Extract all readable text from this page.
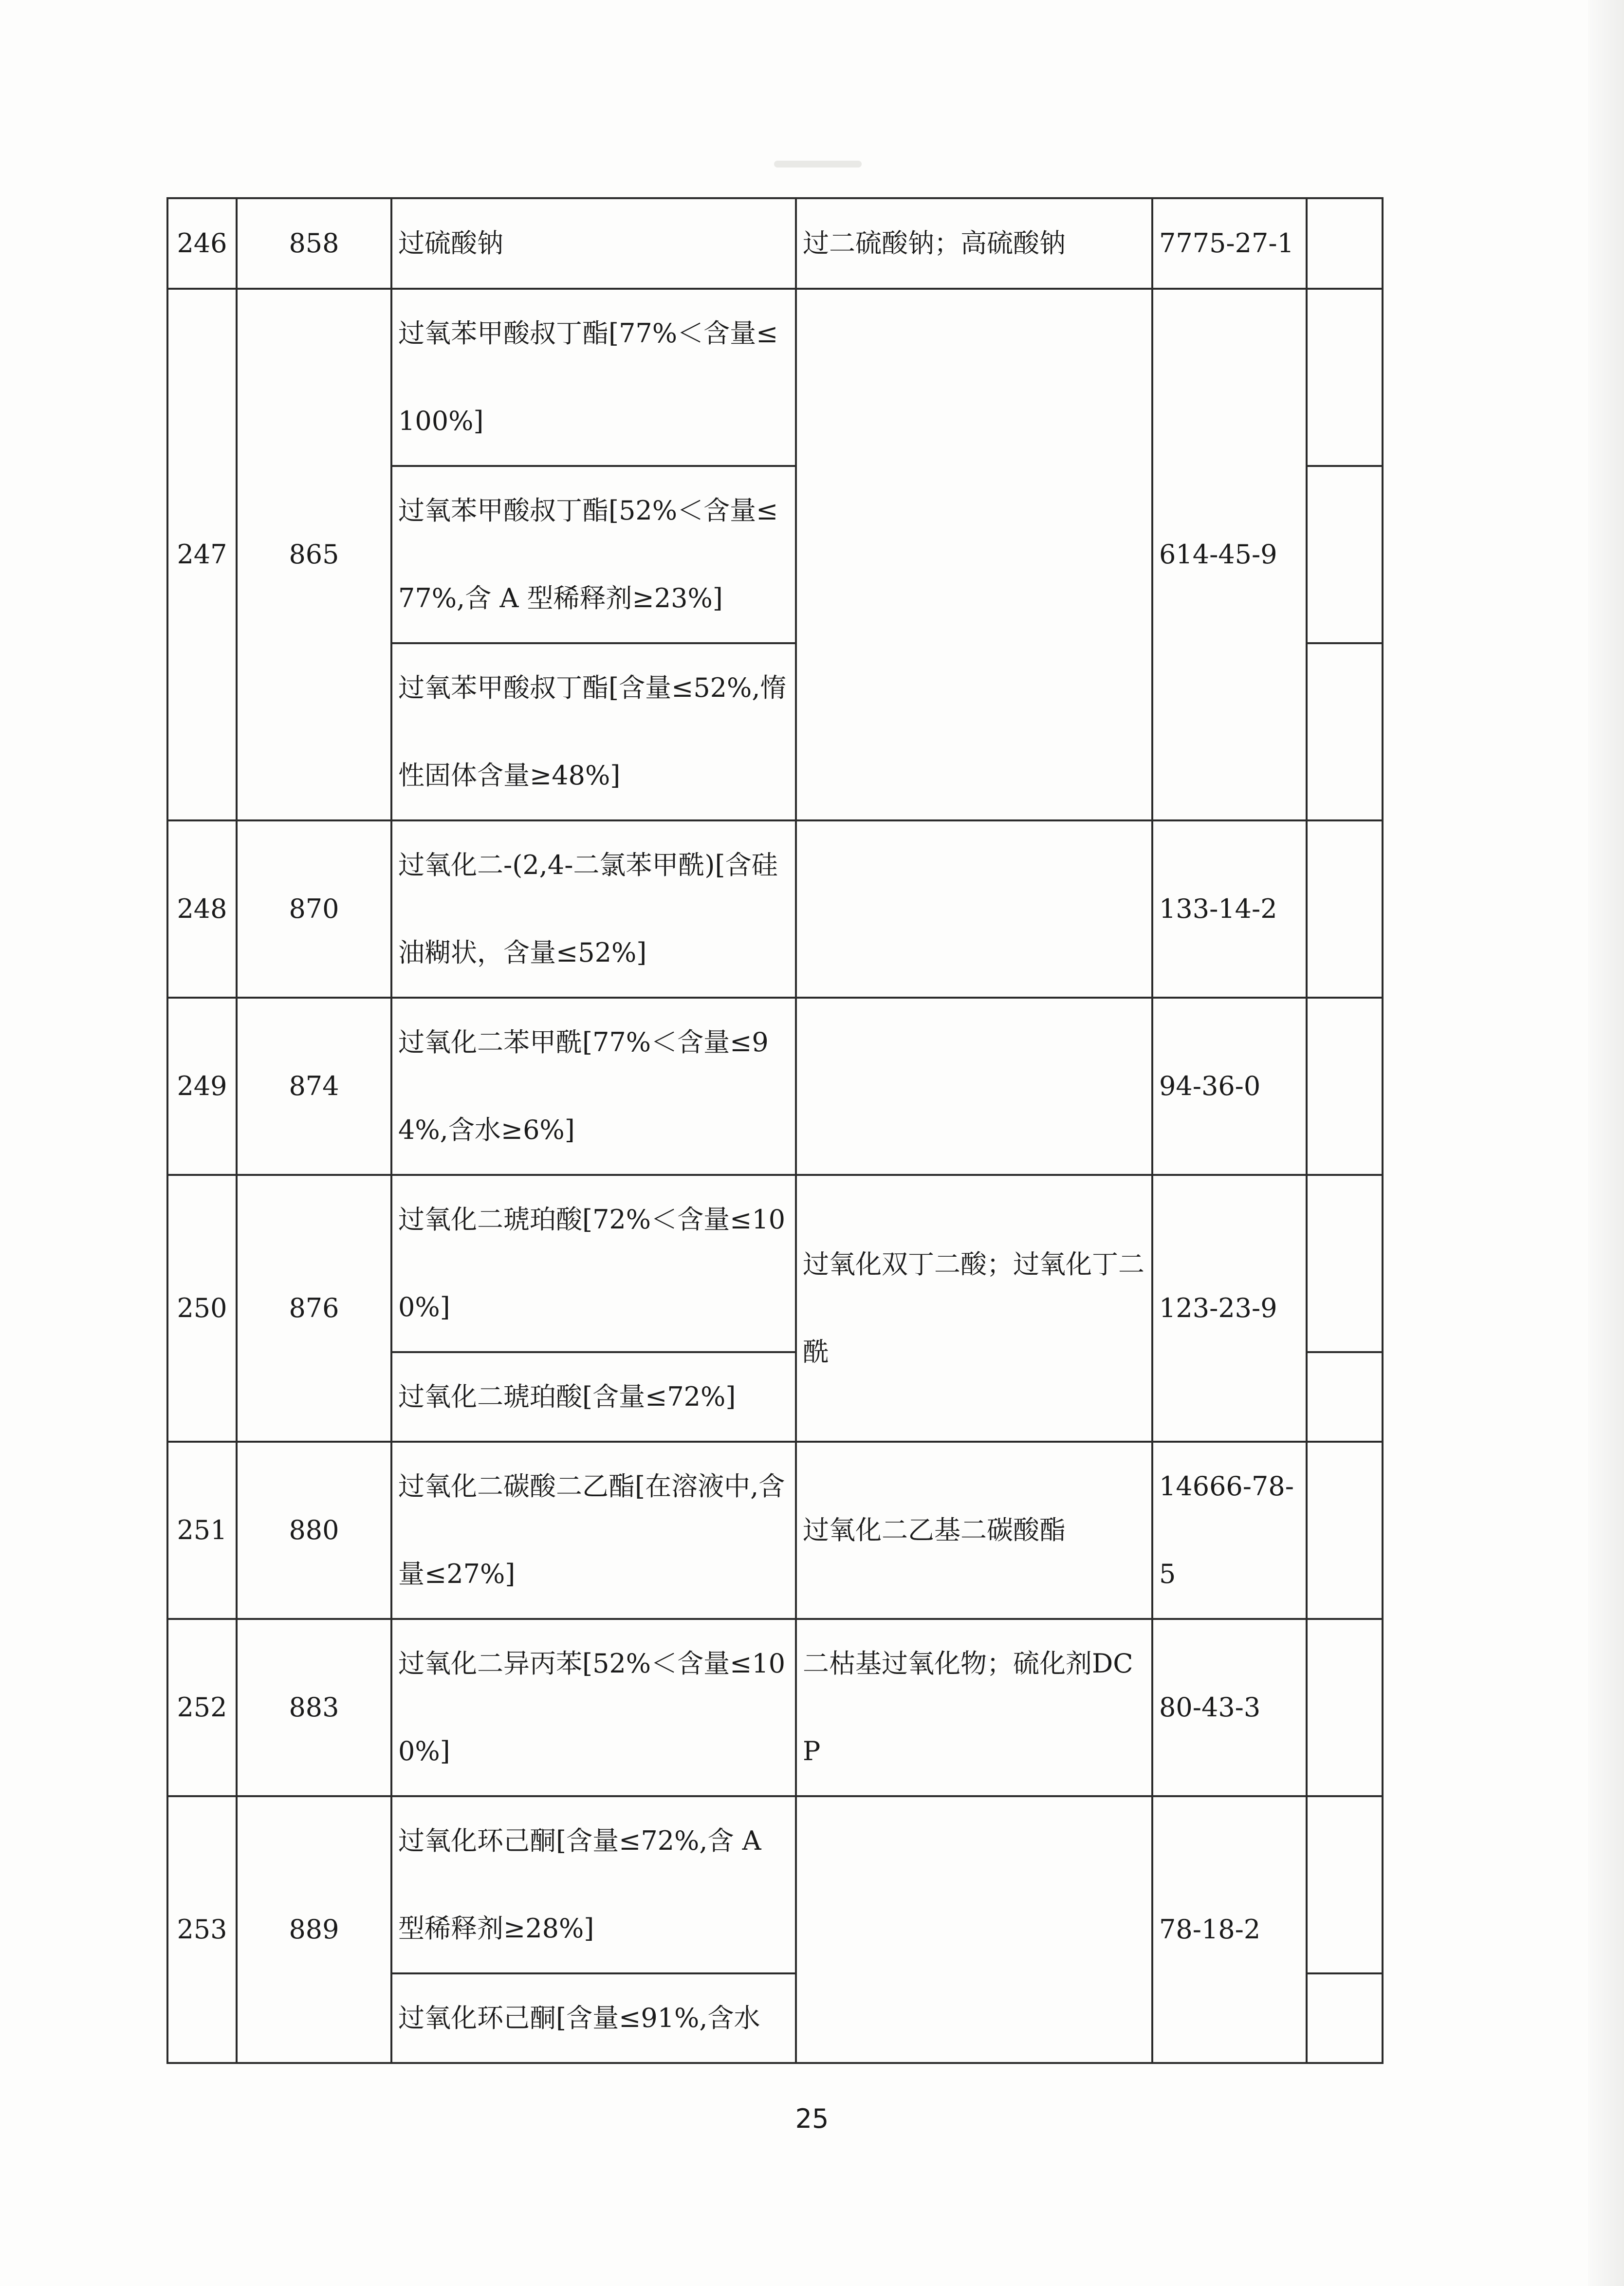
246	858	过硫酸钠	过二硫酸钠；高硫酸钠	7775-27-1	
247	865	过氧苯甲酸叔丁酯[77%＜含量≤100%]		614-45-9	
		过氧苯甲酸叔丁酯[52%＜含量≤77%,含 A 型稀释剂≥23%]			
		过氧苯甲酸叔丁酯[含量≤52%,惰性固体含量≥48%]			
248	870	过氧化二-(2,4-二氯苯甲酰)[含硅油糊状，含量≤52%]		133-14-2	
249	874	过氧化二苯甲酰[77%＜含量≤94%,含水≥6%]		94-36-0	
250	876	过氧化二琥珀酸[72%＜含量≤100%]	过氧化双丁二酸；过氧化丁二酰	123-23-9	
		过氧化二琥珀酸[含量≤72%]			
251	880	过氧化二碳酸二乙酯[在溶液中,含量≤27%]	过氧化二乙基二碳酸酯	14666-78-5	
252	883	过氧化二异丙苯[52%＜含量≤100%]	二枯基过氧化物；硫化剂DCP	80-43-3	
253	889	过氧化环己酮[含量≤72%,含 A 型稀释剂≥28%]		78-18-2	
		过氧化环己酮[含量≤91%,含水			
25
